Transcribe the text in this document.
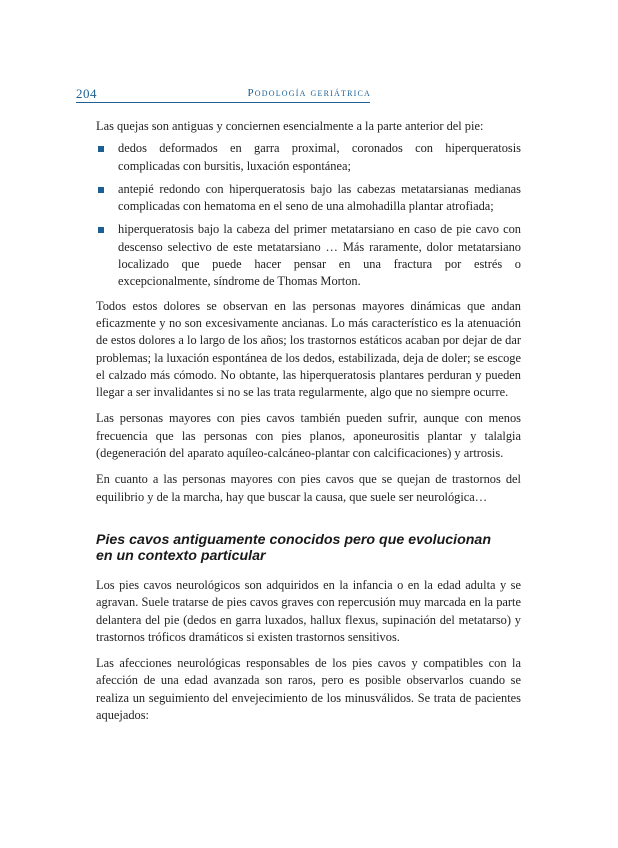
204	Podología geriátrica

Las quejas son antiguas y conciernen esencialmente a la parte anterior del pie:

dedos deformados en garra proximal, coronados con hiperqueratosis complicadas con bursitis, luxación espontánea;
antepié redondo con hiperqueratosis bajo las cabezas metatarsianas medianas complicadas con hematoma en el seno de una almohadilla plantar atrofiada;
hiperqueratosis bajo la cabeza del primer metatarsiano en caso de pie cavo con descenso selectivo de este metatarsiano … Más raramente, dolor metatarsiano localizado que puede hacer pensar en una fractura por estrés o excepcionalmente, síndrome de Thomas Morton.

Todos estos dolores se observan en las personas mayores dinámicas que andan eficazmente y no son excesivamente ancianas. Lo más característico es la atenuación de estos dolores a lo largo de los años; los trastornos estáticos acaban por dejar de dar problemas; la luxación espontánea de los dedos, estabilizada, deja de doler; se escoge el calzado más cómodo. No obtante, las hiperqueratosis plantares perduran y pueden llegar a ser invalidantes si no se las trata regularmente, algo que no siempre ocurre.

Las personas mayores con pies cavos también pueden sufrir, aunque con menos frecuencia que las personas con pies planos, aponeurositis plantar y talalgia (degeneración del aparato aquíleo-calcáneo-plantar con calcificaciones) y artrosis.

En cuanto a las personas mayores con pies cavos que se quejan de trastornos del equilibrio y de la marcha, hay que buscar la causa, que suele ser neurológica…

Pies cavos antiguamente conocidos pero que evolucionan
en un contexto particular

Los pies cavos neurológicos son adquiridos en la infancia o en la edad adulta y se agravan. Suele tratarse de pies cavos graves con repercusión muy marcada en la parte delantera del pie (dedos en garra luxados, hallux flexus, supinación del metatarso) y trastornos tróficos dramáticos si existen trastornos sensitivos.

Las afecciones neurológicas responsables de los pies cavos y compatibles con la afección de una edad avanzada son raros, pero es posible observarlos cuando se realiza un seguimiento del envejecimiento de los minusválidos. Se trata de pacientes aquejados:
